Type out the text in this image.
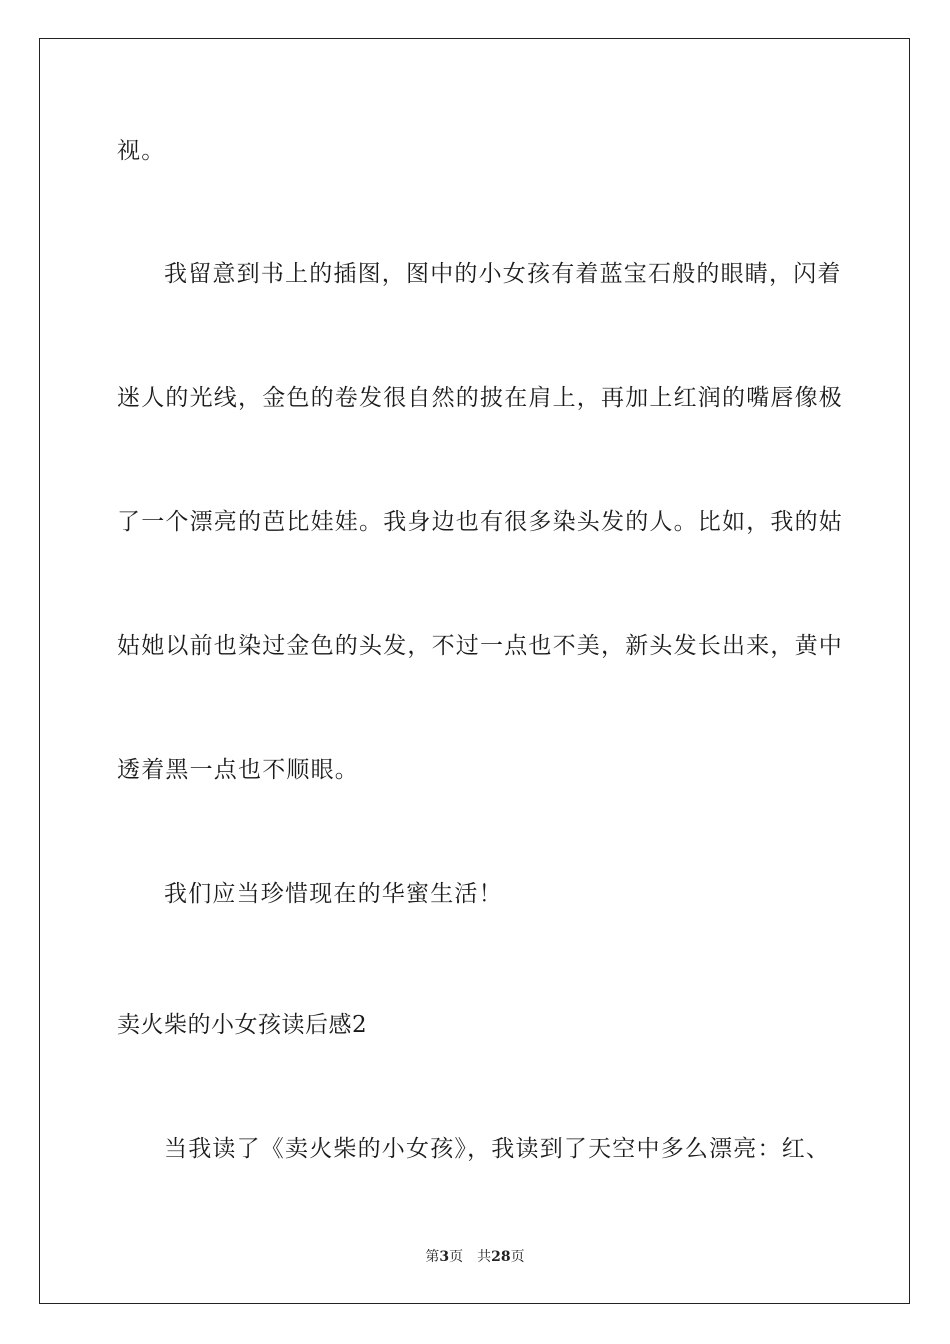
视。
我留意到书上的插图，图中的小女孩有着蓝宝石般的眼睛，闪着
迷人的光线，金色的卷发很自然的披在肩上，再加上红润的嘴唇像极
了一个漂亮的芭比娃娃。我身边也有很多染头发的人。比如，我的姑
姑她以前也染过金色的头发，不过一点也不美，新头发长出来，黄中
透着黑一点也不顺眼。
我们应当珍惜现在的华蜜生活！
卖火柴的小女孩读后感2
当我读了《卖火柴的小女孩》，我读到了天空中多么漂亮：红、
第3页 共28页
